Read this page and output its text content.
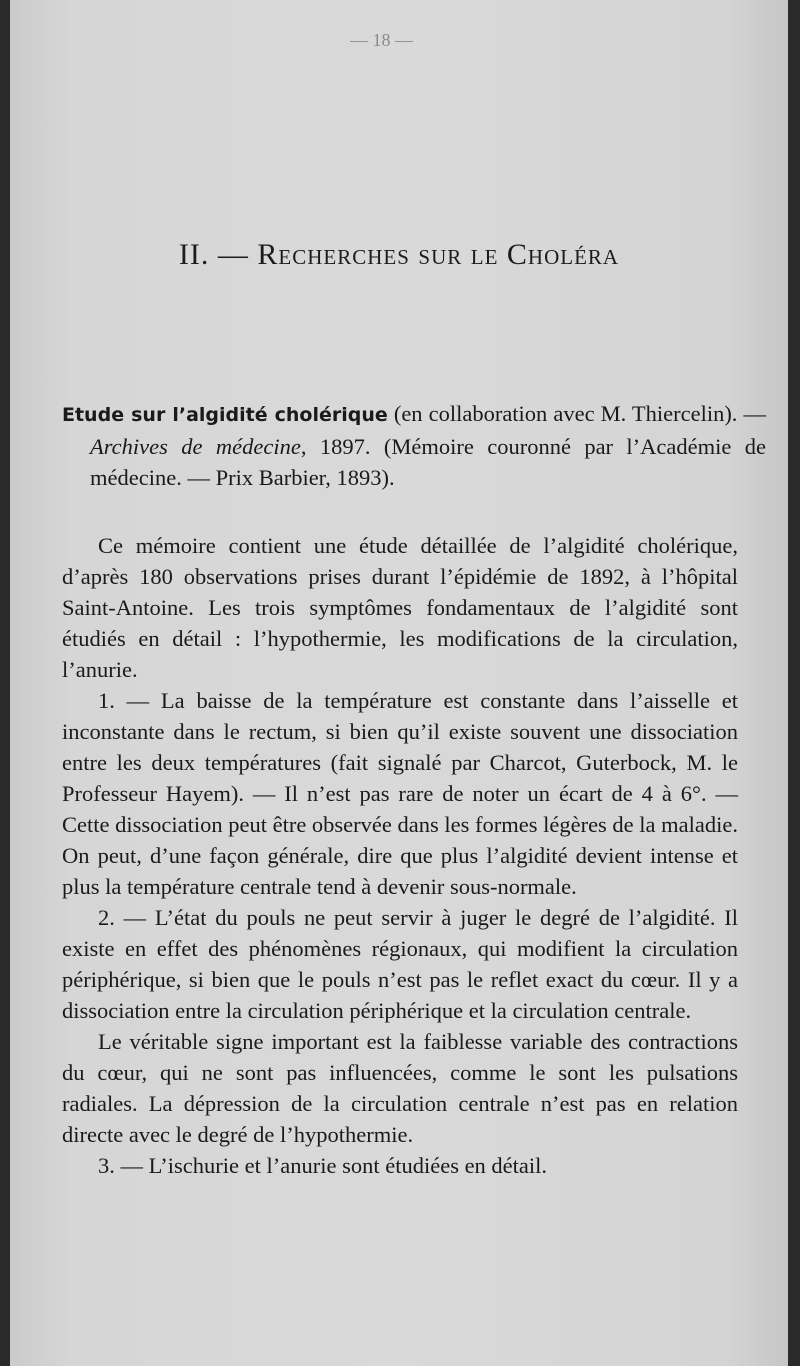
— 18 —
II. — Recherches sur le Choléra
Etude sur l’algidité cholérique (en collaboration avec M. Thiercelin). — Archives de médecine, 1897. (Mémoire couronné par l’Académie de médecine. — Prix Barbier, 1893).

Ce mémoire contient une étude détaillée de l’algidité cholérique, d’après 180 observations prises durant l’épidémie de 1892, à l’hôpital Saint-Antoine. Les trois symptômes fondamentaux de l’algidité sont étudiés en détail : l’hypothermie, les modifications de la circulation, l’anurie.

1. — La baisse de la température est constante dans l’aisselle et inconstante dans le rectum, si bien qu’il existe souvent une dissociation entre les deux températures (fait signalé par Charcot, Guterbock, M. le Professeur Hayem). — Il n’est pas rare de noter un écart de 4 à 6°. — Cette dissociation peut être observée dans les formes légères de la maladie. On peut, d’une façon générale, dire que plus l’algidité devient intense et plus la température centrale tend à devenir sous-normale.

2. — L’état du pouls ne peut servir à juger le degré de l’algidité. Il existe en effet des phénomènes régionaux, qui modifient la circulation périphérique, si bien que le pouls n’est pas le reflet exact du cœur. Il y a dissociation entre la circulation périphérique et la circulation centrale.

Le véritable signe important est la faiblesse variable des contractions du cœur, qui ne sont pas influencées, comme le sont les pulsations radiales. La dépression de la circulation centrale n’est pas en relation directe avec le degré de l’hypothermie.

3. — L’ischurie et l’anurie sont étudiées en détail.
